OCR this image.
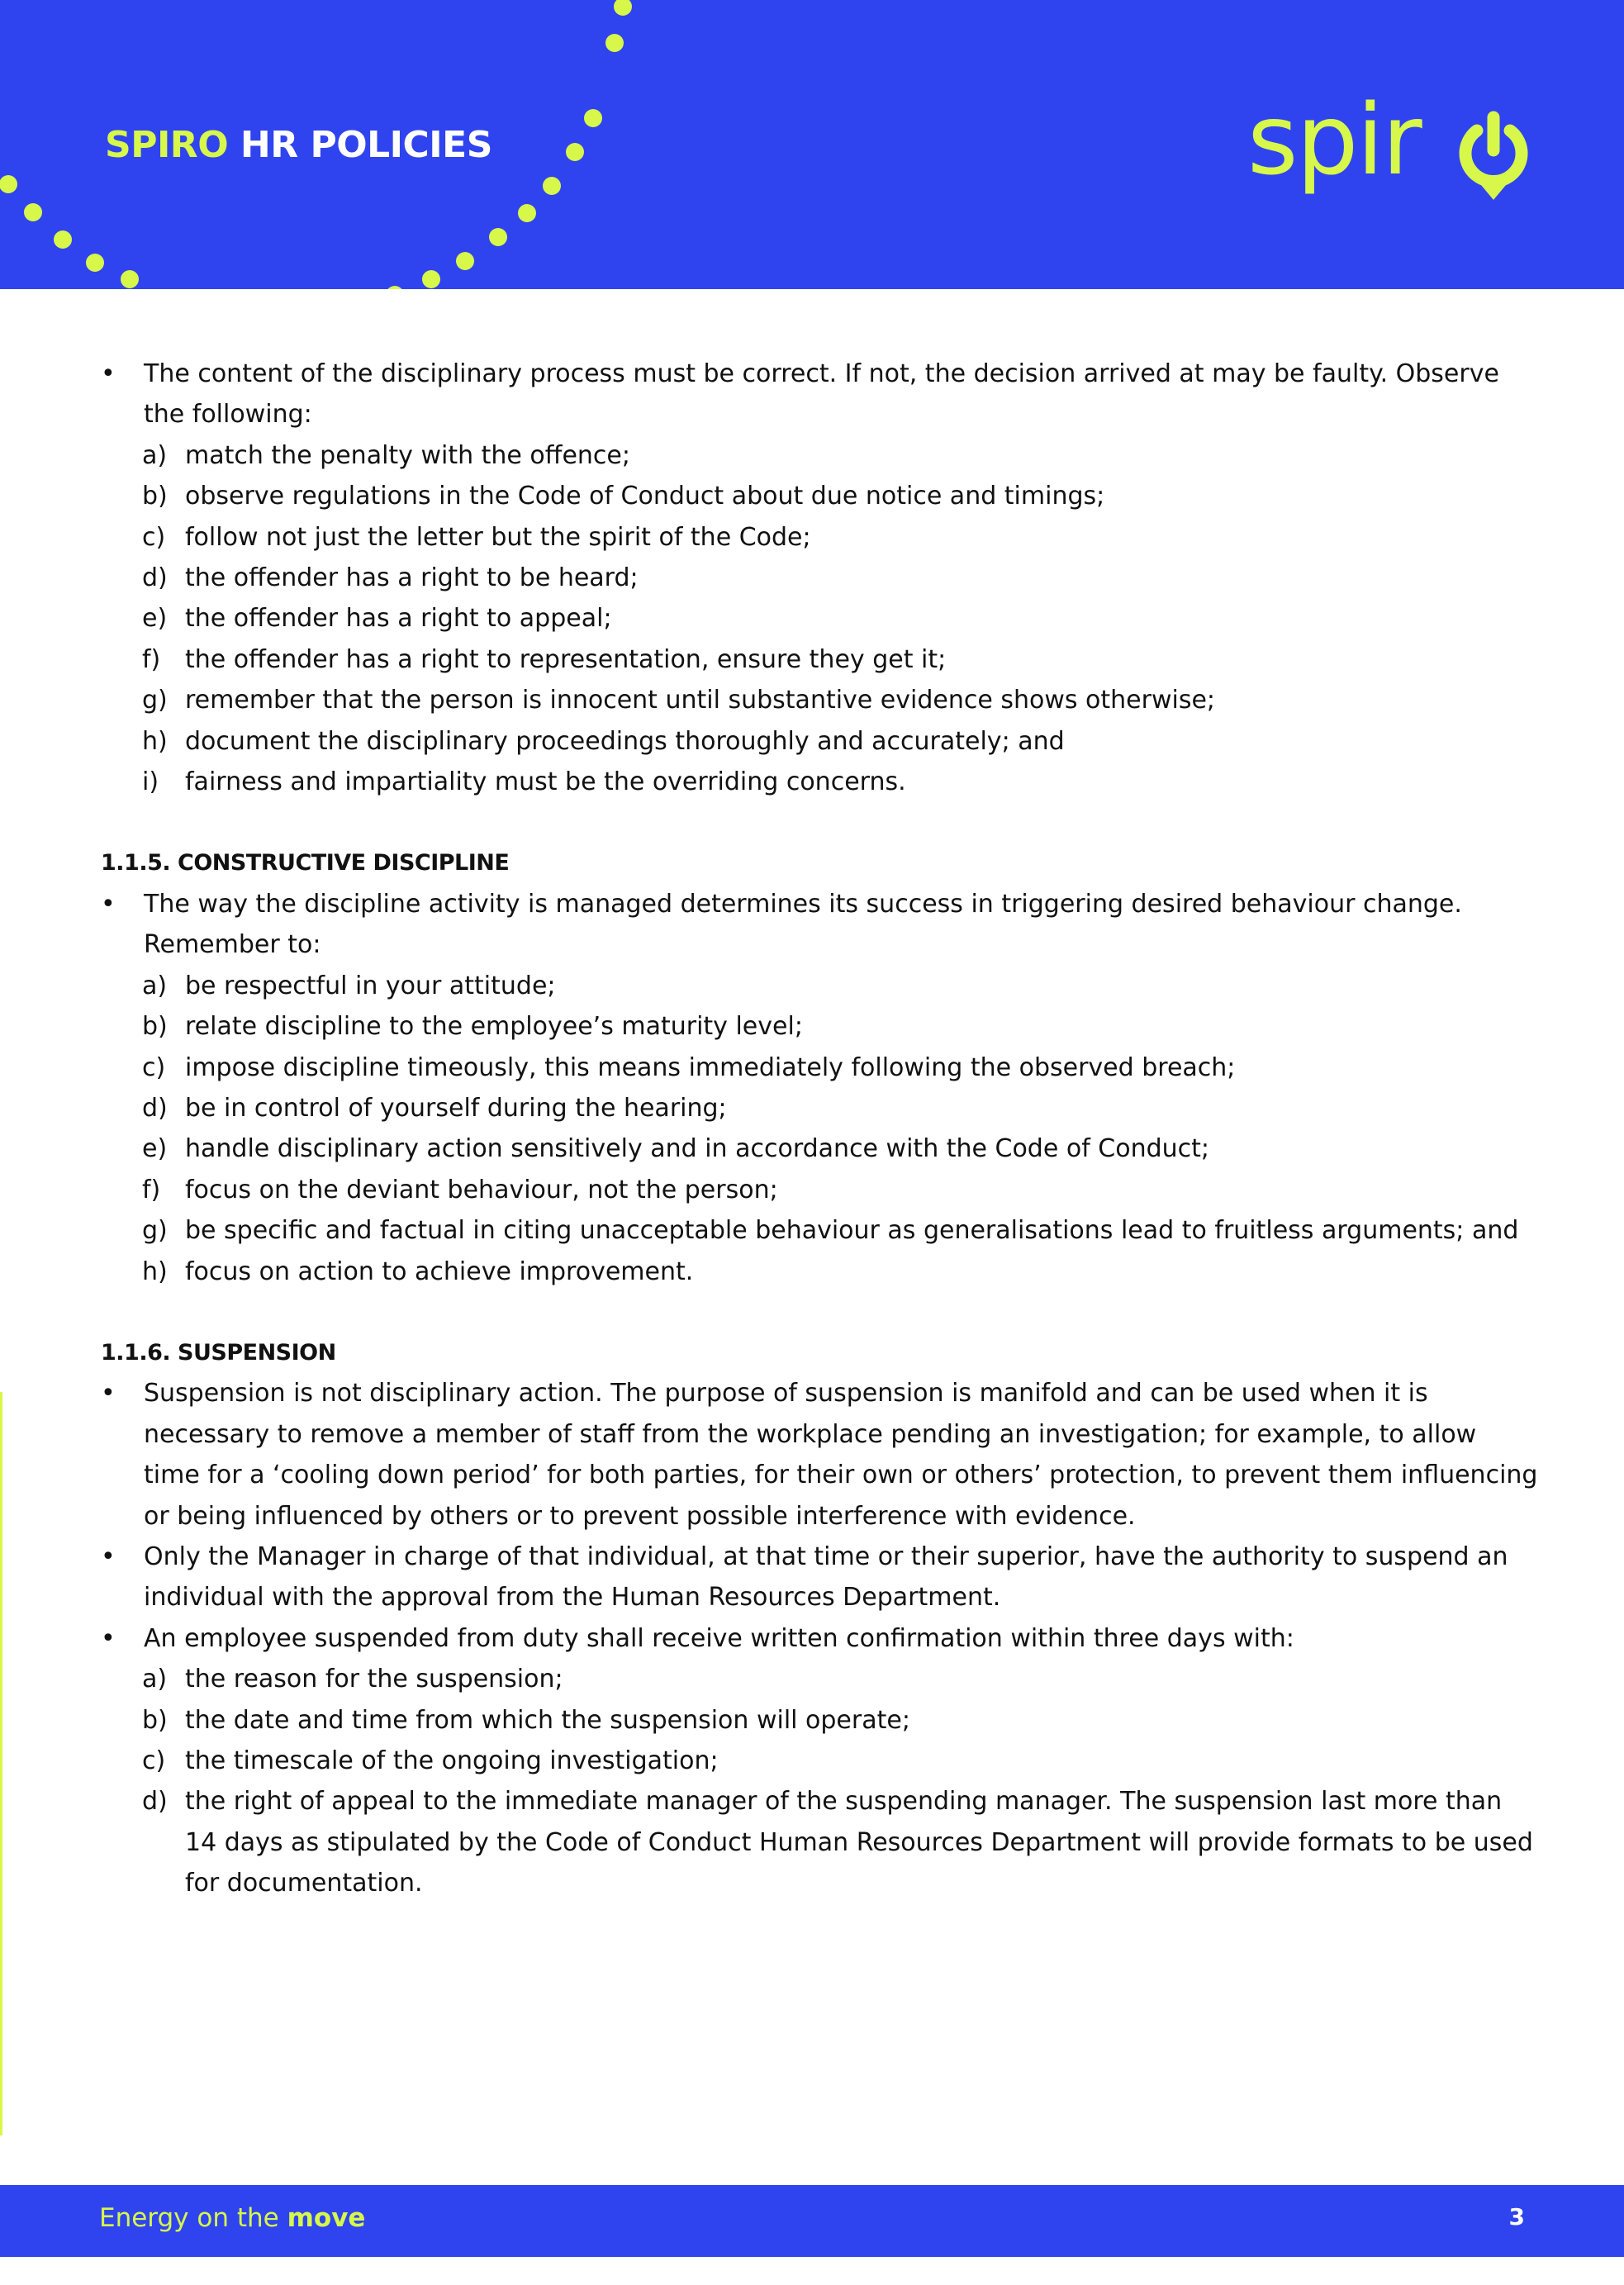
SPIRO HR POLICIES	spir
• The content of the disciplinary process must be correct. If not, the decision arrived at may be faulty. Observe the following:
a) match the penalty with the offence;
b) observe regulations in the Code of Conduct about due notice and timings;
c) follow not just the letter but the spirit of the Code;
d) the offender has a right to be heard;
e) the offender has a right to appeal;
f) the offender has a right to representation, ensure they get it;
g) remember that the person is innocent until substantive evidence shows otherwise;
h) document the disciplinary proceedings thoroughly and accurately; and
i) fairness and impartiality must be the overriding concerns.
1.1.5. CONSTRUCTIVE DISCIPLINE
• The way the discipline activity is managed determines its success in triggering desired behaviour change. Remember to:
a) be respectful in your attitude;
b) relate discipline to the employee’s maturity level;
c) impose discipline timeously, this means immediately following the observed breach;
d) be in control of yourself during the hearing;
e) handle disciplinary action sensitively and in accordance with the Code of Conduct;
f) focus on the deviant behaviour, not the person;
g) be specific and factual in citing unacceptable behaviour as generalisations lead to fruitless arguments; and
h) focus on action to achieve improvement.
1.1.6. SUSPENSION
• Suspension is not disciplinary action. The purpose of suspension is manifold and can be used when it is necessary to remove a member of staff from the workplace pending an investigation; for example, to allow time for a ‘cooling down period’ for both parties, for their own or others’ protection, to prevent them influencing or being influenced by others or to prevent possible interference with evidence.
• Only the Manager in charge of that individual, at that time or their superior, have the authority to suspend an individual with the approval from the Human Resources Department.
• An employee suspended from duty shall receive written confirmation within three days with:
a) the reason for the suspension;
b) the date and time from which the suspension will operate;
c) the timescale of the ongoing investigation;
d) the right of appeal to the immediate manager of the suspending manager. The suspension last more than 14 days as stipulated by the Code of Conduct Human Resources Department will provide formats to be used for documentation.
Energy on the move	3
